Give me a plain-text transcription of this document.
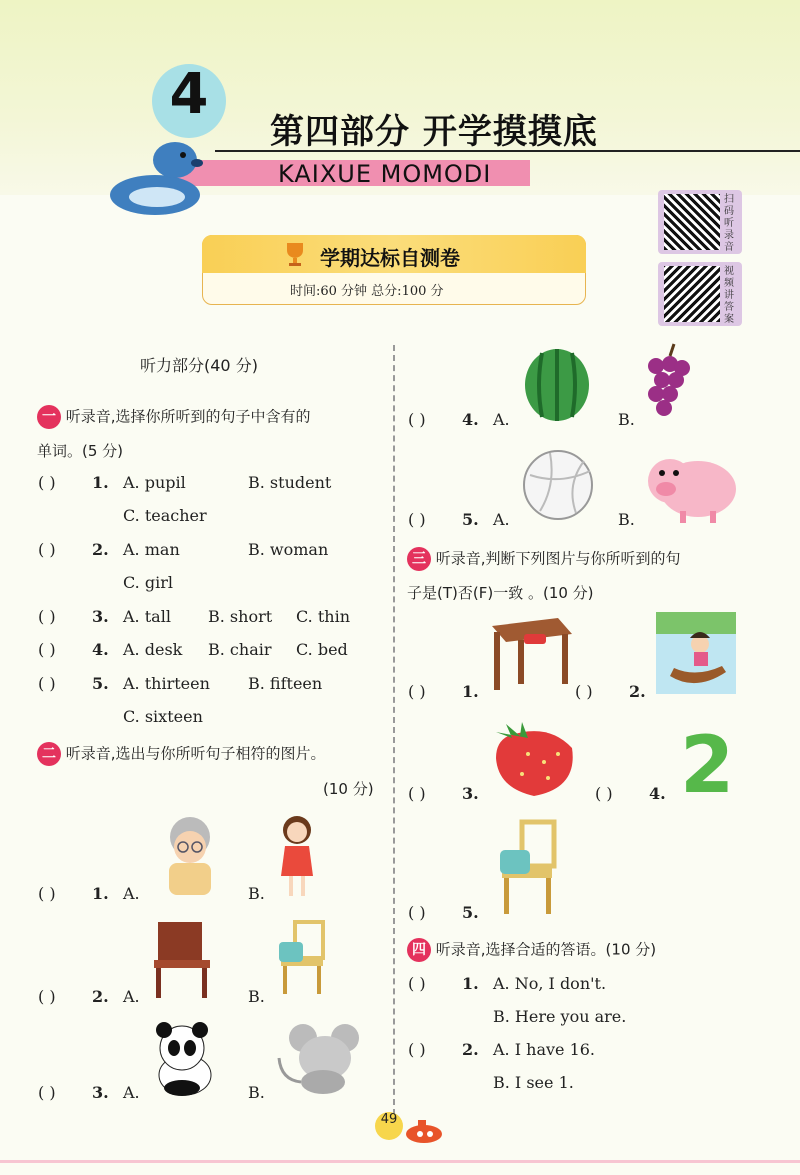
4
第四部分 开学摸摸底
KAIXUE MOMODI
学期达标自测卷
时间:60 分钟 总分:100 分
扫码听录音
视频讲答案
听力部分(40 分)
一 听录音,选择你所听到的句子中含有的
单词。(5 分)
( ) 1. A. pupil	B. student
C. teacher
( ) 2. A. man	B. woman
C. girl
( ) 3. A. tall B. short C. thin
( ) 4. A. desk B. chair C. bed
( ) 5. A. thirteen B. fifteen
C. sixteen
二 听录音,选出与你所听句子相符的图片。
(10 分)
( ) 1. A.	B.
( ) 2. A.	B.
( ) 3. A.	B.
( ) 4. A.	B.
( ) 5. A.	B.
三 听录音,判断下列图片与你所听到的句
子是(T)否(F)一致 。(10 分)
( ) 1.	( ) 2.
( ) 3.	( ) 4. 2
( ) 5.
四 听录音,选择合适的答语。(10 分)
( ) 1. A. No, I don't.
B. Here you are.
( ) 2. A. I have 16.
B. I see 1.
49
